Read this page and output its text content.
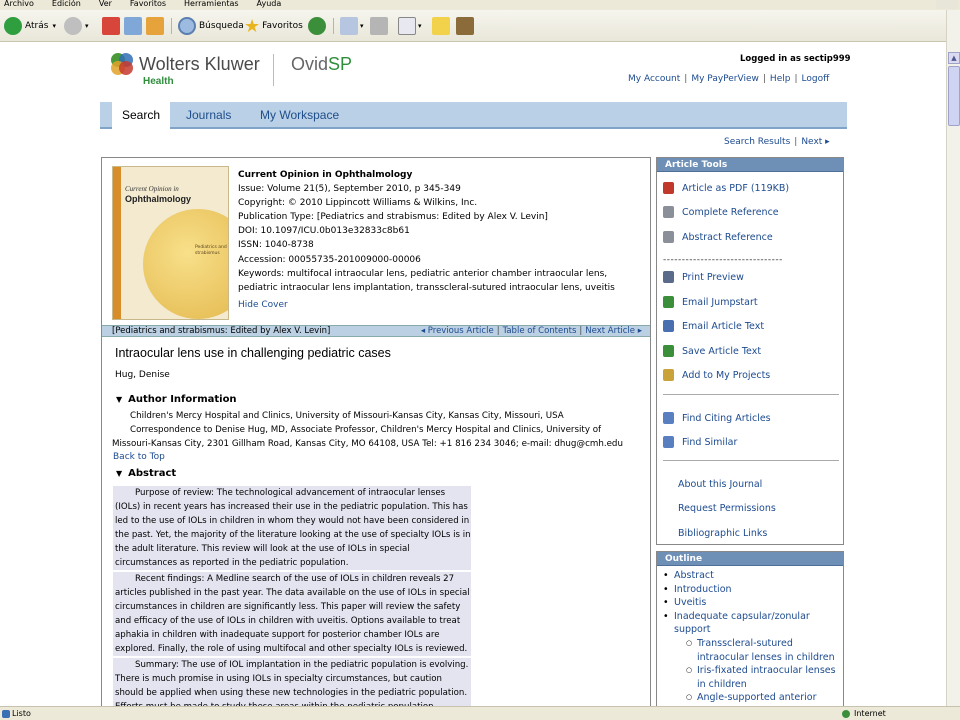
Archivo Edición Ver Favoritos Herramientas Ayuda
Atrás ▾	▾	Búsqueda ★ Favoritos	▾	▾
▲
Wolters Kluwer
Health
OvidSP	Logged in as sectip999
My Account | My PayPerView | Help | Logoff
Search	Journals My Workspace
Search Results | Next ▸
Current Opinion in
Ophthalmology
Pediatrics and strabismus
Current Opinion in Ophthalmology
Issue: Volume 21(5), September 2010, p 345-349
Copyright: © 2010 Lippincott Williams & Wilkins, Inc.
Publication Type: [Pediatrics and strabismus: Edited by Alex V. Levin]
DOI: 10.1097/ICU.0b013e32833c8b61
ISSN: 1040-8738
Accession: 00055735-201009000-00006
Keywords: multifocal intraocular lens, pediatric anterior chamber intraocular lens, pediatric intraocular lens implantation, transscleral-sutured intraocular lens, uveitis
Hide Cover
[Pediatrics and strabismus: Edited by Alex V. Levin]	◂ Previous Article | Table of Contents | Next Article ▸
Intraocular lens use in challenging pediatric cases
Hug, Denise
▼ Author Information
Children's Mercy Hospital and Clinics, University of Missouri-Kansas City, Kansas City, Missouri, USA
Correspondence to Denise Hug, MD, Associate Professor, Children's Mercy Hospital and Clinics, University of Missouri-Kansas City, 2301 Gillham Road, Kansas City, MO 64108, USA Tel: +1 816 234 3046; e-mail: dhug@cmh.edu
Back to Top
▼ Abstract

Purpose of review: The technological advancement of intraocular lenses (IOLs) in recent years has increased their use in the pediatric population. This has led to the use of IOLs in children in whom they would not have been considered in the past. Yet, the majority of the literature looking at the use of specialty IOLs is in the adult literature. This review will look at the use of IOLs in special circumstances as reported in the pediatric population.

Recent findings: A Medline search of the use of IOLs in children reveals 27 articles published in the past year. The data available on the use of IOLs in special circumstances in children are significantly less. This paper will review the safety and efficacy of the use of IOLs in children with uveitis. Options available to treat aphakia in children with inadequate support for posterior chamber IOLs are explored. Finally, the role of using multifocal and other specialty IOLs is reviewed.

Summary: The use of IOL implantation in the pediatric population is evolving. There is much promise in using IOLs in specialty circumstances, but caution should be applied when using these new technologies in the pediatric population.

Article Tools
Article as PDF (119KB)
Complete Reference
Abstract Reference
--------------------------------
Print Preview
Email Jumpstart
Email Article Text
Save Article Text
Add to My Projects
Find Citing Articles
Find Similar
About this Journal
Request Permissions
Bibliographic Links
Outline
• Abstract
• Introduction
• Uveitis
• Inadequate capsular/zonular support
○ Transscleral-sutured intraocular lenses in children
○ Iris-fixated intraocular lenses in children
○ Angle-supported anterior
Listo	Internet
